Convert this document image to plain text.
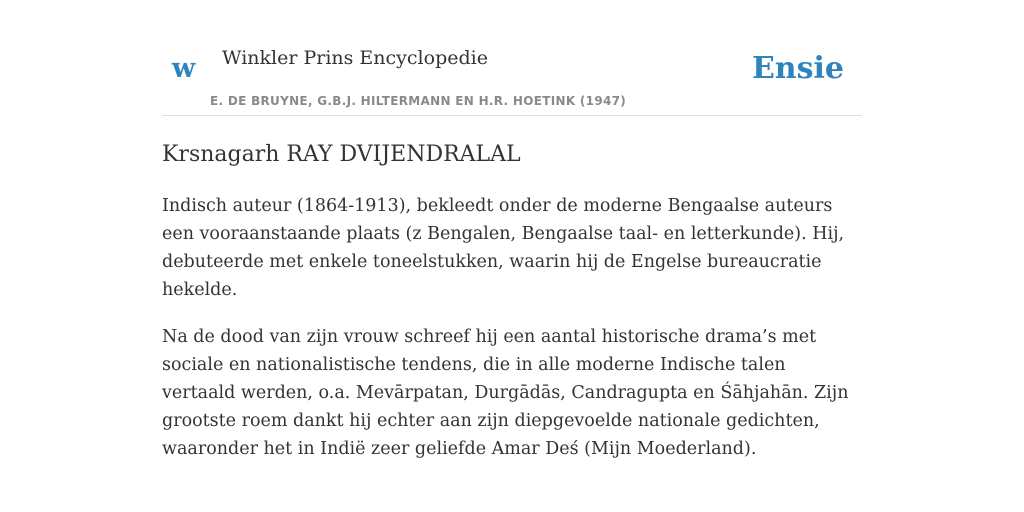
w Winkler Prins Encyclopedie
E. DE BRUYNE, G.B.J. HILTERMANN EN H.R. HOETINK (1947)
Ensie
Krsnagarh RAY DVIJENDRALAL

Indisch auteur (1864-1913), bekleedt onder de moderne Bengaalse auteurs een vooraanstaande plaats (z Bengalen, Bengaalse taal- en letterkunde). Hij, debuteerde met enkele toneelstukken, waarin hij de Engelse bureaucratie hekelde.

Na de dood van zijn vrouw schreef hij een aantal historische drama’s met sociale en nationalistische tendens, die in alle moderne Indische talen vertaald werden, o.a. Mevārpatan, Durgādās, Candragupta en Śāhjahān. Zijn grootste roem dankt hij echter aan zijn diepgevoelde nationale gedichten, waaronder het in Indië zeer geliefde Amar Deś (Mijn Moederland).
